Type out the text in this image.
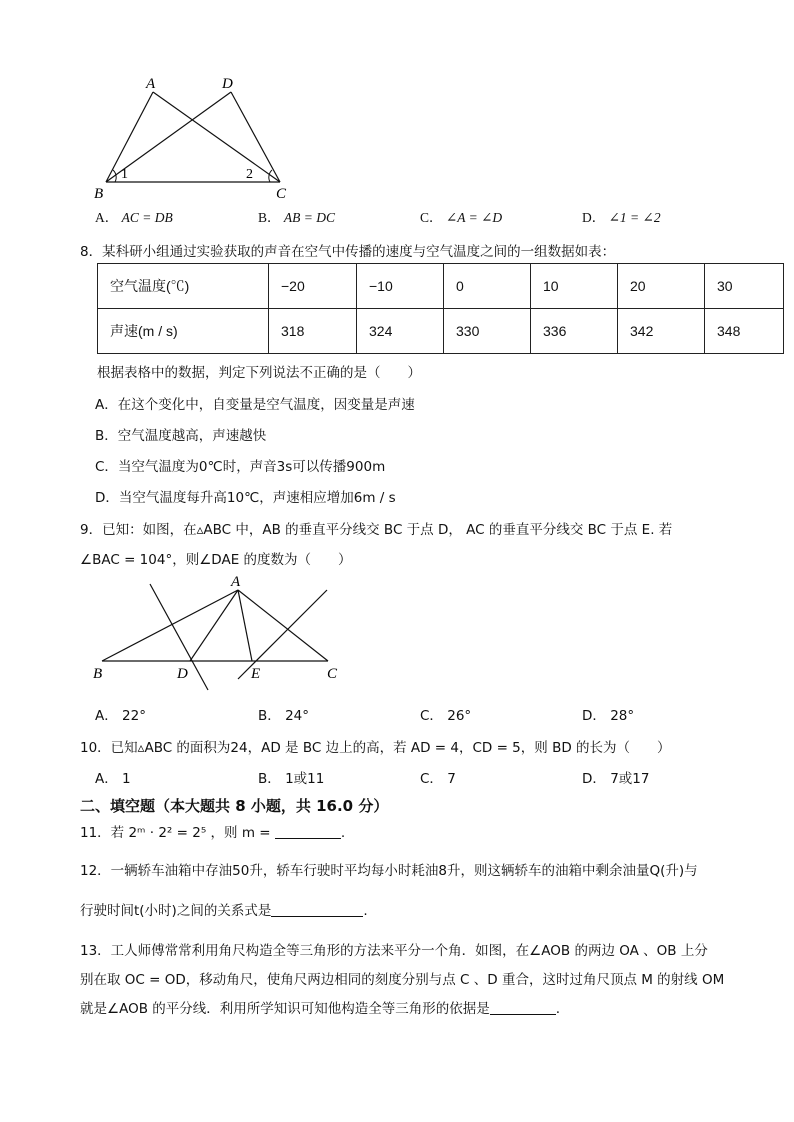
A	D
B	C
1	2
A． AC = DB	B． AB = DC	C． ∠A = ∠D	D． ∠1 = ∠2
8．某科研小组通过实验获取的声音在空气中传播的速度与空气温度之间的一组数据如表：
空气温度(℃)	−20	−10	0	10	20	30
声速(m / s)	318	324	330	336	342	348
根据表格中的数据，判定下列说法不正确的是（　　）
A．在这个变化中，自变量是空气温度，因变量是声速
B．空气温度越高，声速越快
C．当空气温度为0℃时，声音3s可以传播900m
D．当空气温度每升高10℃，声速相应增加6m / s
9．已知：如图，在▵ABC 中，AB 的垂直平分线交 BC 于点 D， AC 的垂直平分线交 BC 于点 E. 若
∠BAC = 104°，则∠DAE 的度数为（　　）
A
B	D	E	C
A． 22°	B． 24°	C． 26°	D． 28°
10．已知▵ABC 的面积为24，AD 是 BC 边上的高，若 AD = 4，CD = 5，则 BD 的长为（　　）
A． 1	B． 1或11	C． 7	D． 7或17
二、填空题（本大题共 8 小题，共 16.0 分）
11．若 2ᵐ · 2² = 2⁵ ，则 m =	.
12．一辆轿车油箱中存油50升，轿车行驶时平均每小时耗油8升，则这辆轿车的油箱中剩余油量Q(升)与
行驶时间t(小时)之间的关系式是	.
13．工人师傅常常利用角尺构造全等三角形的方法来平分一个角．如图，在∠AOB 的两边 OA 、OB 上分
别在取 OC = OD，移动角尺，使角尺两边相同的刻度分别与点 C 、D 重合，这时过角尺顶点 M 的射线 OM
就是∠AOB 的平分线．利用所学知识可知他构造全等三角形的依据是	.
